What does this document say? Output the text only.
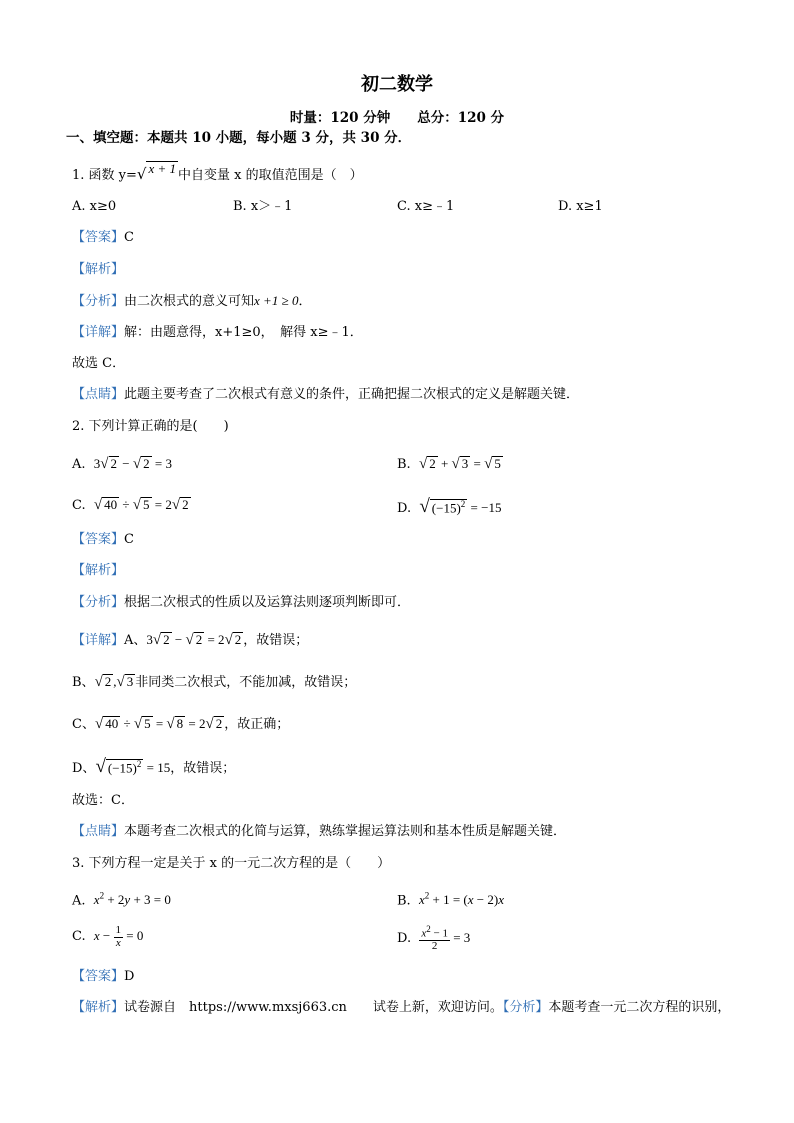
初二数学
时量：120 分钟　　总分：120 分
一、填空题：本题共 10 小题，每小题 3 分，共 30 分．
1. 函数 y=√ x + 1 中自变量 x 的取值范围是（　）
A. x≥0	B. x＞﹣1	C. x≥﹣1	D. x≥1
【答案】C
【解析】
【分析】由二次根式的意义可知x +1 ≥ 0．
【详解】解：由题意得，x+1≥0，　解得 x≥﹣1．
故选 C．
【点睛】此题主要考查了二次根式有意义的条件，正确把握二次根式的定义是解题关键．
2. 下列计算正确的是(　　)
A. 3√ 2 − √ 2 = 3	B. √ 2 + √ 3 = √ 5
C. √ 40 ÷ √ 5 = 2√ 2	D. √ $(-15)^2 = -15$
【答案】C
【解析】
【分析】根据二次根式的性质以及运算法则逐项判断即可．
【详解】A、3√ 2 − √ 2 = 2√ 2 ，故错误；
B、√ 2 ,√ 3 非同类二次根式，不能加减，故错误；
C、√ 40 ÷ √ 5 = √ 8 = 2√ 2 ，故正确；
D、√ $(-15)^2 = 15$，故错误；
故选：C．
【点睛】本题考查二次根式的化简与运算，熟练掌握运算法则和基本性质是解题关键．
3. 下列方程一定是关于 x 的一元二次方程的是（　　）
A. $x^2 + 2y + 3 = 0$	B. $x^2 + 1 = (x - 2)x$
C. $x - \frac{1}{x} = 0$	D. $\frac{x^2 - 1}{2} = 3$
【答案】D
【解析】试卷源自　https://www.mxsj663.cn　　试卷上新，欢迎访问。【分析】本题考查一元二次方程的识别，
